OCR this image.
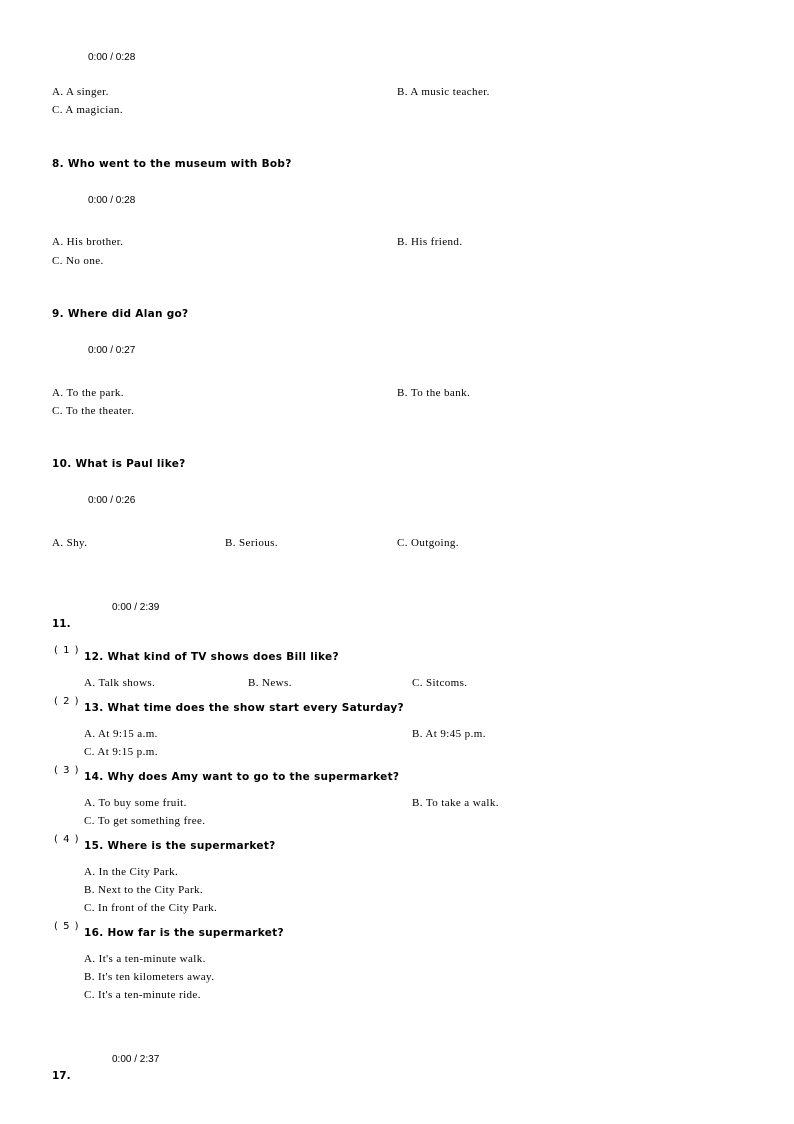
0:00 / 0:28
A. A singer.	B. A music teacher.
C. A magician.
8. Who went to the museum with Bob?
0:00 / 0:28
A. His brother.	B. His friend.
C. No one.
9. Where did Alan go?
0:00 / 0:27
A. To the park.	B. To the bank.
C. To the theater.
10. What is Paul like?
0:00 / 0:26
A. Shy.	B. Serious.	C. Outgoing.
0:00 / 2:39
11.
( 1 )
12. What kind of TV shows does Bill like?
A. Talk shows.	B. News.	C. Sitcoms.
( 2 )
13. What time does the show start every Saturday?
A. At 9:15 a.m.	B. At 9:45 p.m.
C. At 9:15 p.m.
( 3 )
14. Why does Amy want to go to the supermarket?
A. To buy some fruit.	B. To take a walk.
C. To get something free.
( 4 )
15. Where is the supermarket?
A. In the City Park.
B. Next to the City Park.
C. In front of the City Park.
( 5 )
16. How far is the supermarket?
A. It's a ten-minute walk.
B. It's ten kilometers away.
C. It's a ten-minute ride.
0:00 / 2:37
17.
